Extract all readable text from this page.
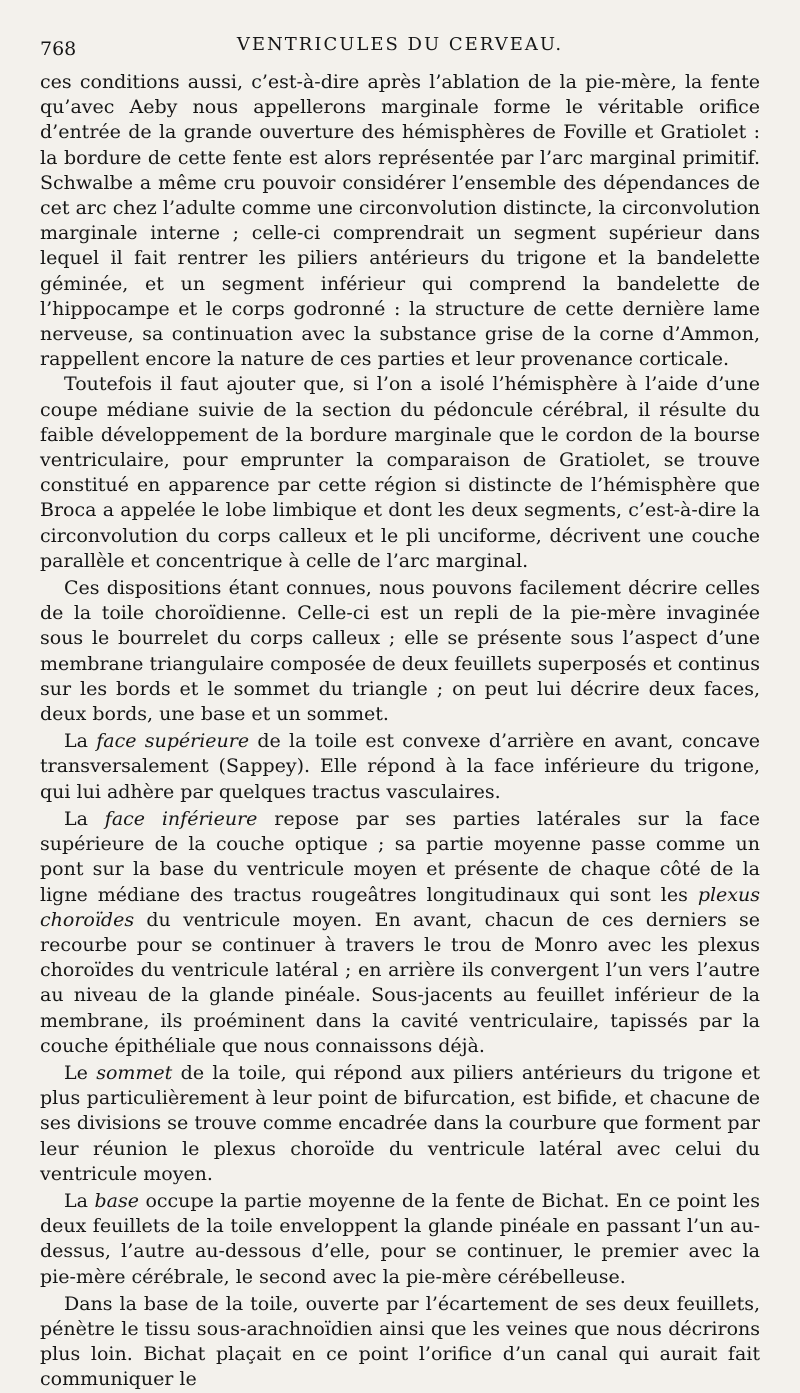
768	VENTRICULES DU CERVEAU.

ces conditions aussi, c’est-à-dire après l’ablation de la pie-mère, la fente qu’avec Aeby nous appellerons marginale forme le véritable orifice d’entrée de la grande ouverture des hémisphères de Foville et Gratiolet : la bordure de cette fente est alors représentée par l’arc marginal primitif. Schwalbe a même cru pouvoir considérer l’ensemble des dépendances de cet arc chez l’adulte comme une circonvolution distincte, la circonvolution marginale interne ; celle-ci comprendrait un segment supérieur dans lequel il fait rentrer les piliers antérieurs du trigone et la bandelette géminée, et un segment inférieur qui comprend la bandelette de l’hippocampe et le corps godronné : la structure de cette dernière lame nerveuse, sa continuation avec la substance grise de la corne d’Ammon, rappellent encore la nature de ces parties et leur provenance corticale.

Toutefois il faut ajouter que, si l’on a isolé l’hémisphère à l’aide d’une coupe médiane suivie de la section du pédoncule cérébral, il résulte du faible développement de la bordure marginale que le cordon de la bourse ventriculaire, pour emprunter la comparaison de Gratiolet, se trouve constitué en apparence par cette région si distincte de l’hémisphère que Broca a appelée le lobe limbique et dont les deux segments, c’est-à-dire la circonvolution du corps calleux et le pli unciforme, décrivent une couche parallèle et concentrique à celle de l’arc marginal.

Ces dispositions étant connues, nous pouvons facilement décrire celles de la toile choroïdienne. Celle-ci est un repli de la pie-mère invaginée sous le bourrelet du corps calleux ; elle se présente sous l’aspect d’une membrane triangulaire composée de deux feuillets superposés et continus sur les bords et le sommet du triangle ; on peut lui décrire deux faces, deux bords, une base et un sommet.

La face supérieure de la toile est convexe d’arrière en avant, concave transversalement (Sappey). Elle répond à la face inférieure du trigone, qui lui adhère par quelques tractus vasculaires.

La face inférieure repose par ses parties latérales sur la face supérieure de la couche optique ; sa partie moyenne passe comme un pont sur la base du ventricule moyen et présente de chaque côté de la ligne médiane des tractus rougeâtres longitudinaux qui sont les plexus choroïdes du ventricule moyen. En avant, chacun de ces derniers se recourbe pour se continuer à travers le trou de Monro avec les plexus choroïdes du ventricule latéral ; en arrière ils convergent l’un vers l’autre au niveau de la glande pinéale. Sous-jacents au feuillet inférieur de la membrane, ils proéminent dans la cavité ventriculaire, tapissés par la couche épithéliale que nous connaissons déjà.

Le sommet de la toile, qui répond aux piliers antérieurs du trigone et plus particulièrement à leur point de bifurcation, est bifide, et chacune de ses divisions se trouve comme encadrée dans la courbure que forment par leur réunion le plexus choroïde du ventricule latéral avec celui du ventricule moyen.

La base occupe la partie moyenne de la fente de Bichat. En ce point les deux feuillets de la toile enveloppent la glande pinéale en passant l’un au-dessus, l’autre au-dessous d’elle, pour se continuer, le premier avec la pie-mère cérébrale, le second avec la pie-mère cérébelleuse.

Dans la base de la toile, ouverte par l’écartement de ses deux feuillets, pénètre le tissu sous-arachnoïdien ainsi que les veines que nous décrirons plus loin. Bichat plaçait en ce point l’orifice d’un canal qui aurait fait communiquer le
